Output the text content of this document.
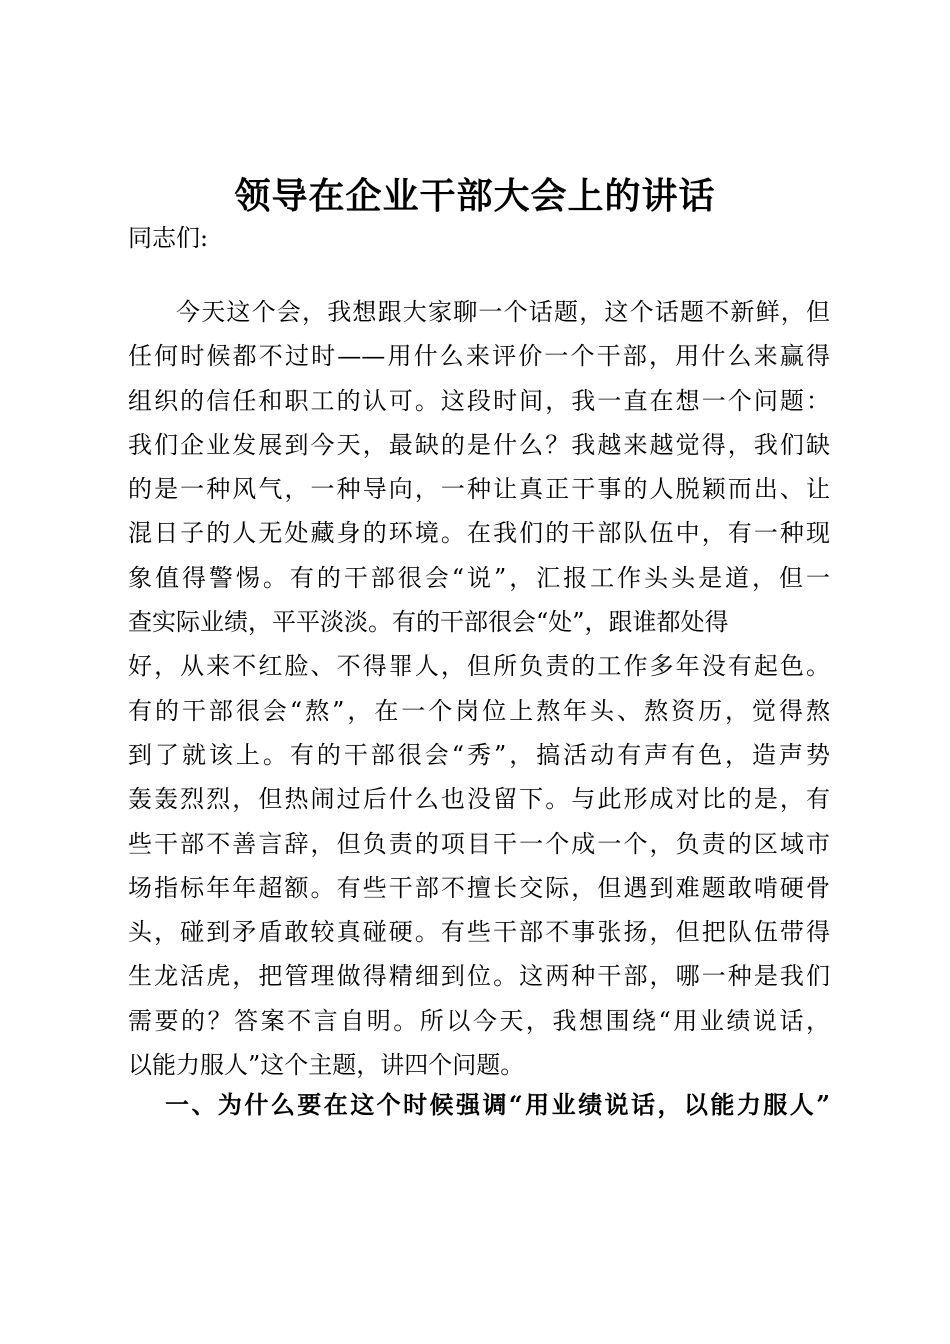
领导在企业干部大会上的讲话
同志们:
今天这个会，我想跟大家聊一个话题，这个话题不新鲜，但
任何时候都不过时——用什么来评价一个干部，用什么来赢得
组织的信任和职工的认可。这段时间，我一直在想一个问题：
我们企业发展到今天，最缺的是什么？我越来越觉得，我们缺
的是一种风气，一种导向，一种让真正干事的人脱颖而出、让
混日子的人无处藏身的环境。在我们的干部队伍中，有一种现
象值得警惕。有的干部很会“说”，汇报工作头头是道，但一
查实际业绩，平平淡淡。有的干部很会“处”，跟谁都处得
好，从来不红脸、不得罪人，但所负责的工作多年没有起色。
有的干部很会“熬”，在一个岗位上熬年头、熬资历，觉得熬
到了就该上。有的干部很会“秀”，搞活动有声有色，造声势
轰轰烈烈，但热闹过后什么也没留下。与此形成对比的是，有
些干部不善言辞，但负责的项目干一个成一个，负责的区域市
场指标年年超额。有些干部不擅长交际，但遇到难题敢啃硬骨
头，碰到矛盾敢较真碰硬。有些干部不事张扬，但把队伍带得
生龙活虎，把管理做得精细到位。这两种干部，哪一种是我们
需要的？答案不言自明。所以今天，我想围绕“用业绩说话，
以能力服人”这个主题，讲四个问题。
一、为什么要在这个时候强调“用业绩说话，以能力服人”
